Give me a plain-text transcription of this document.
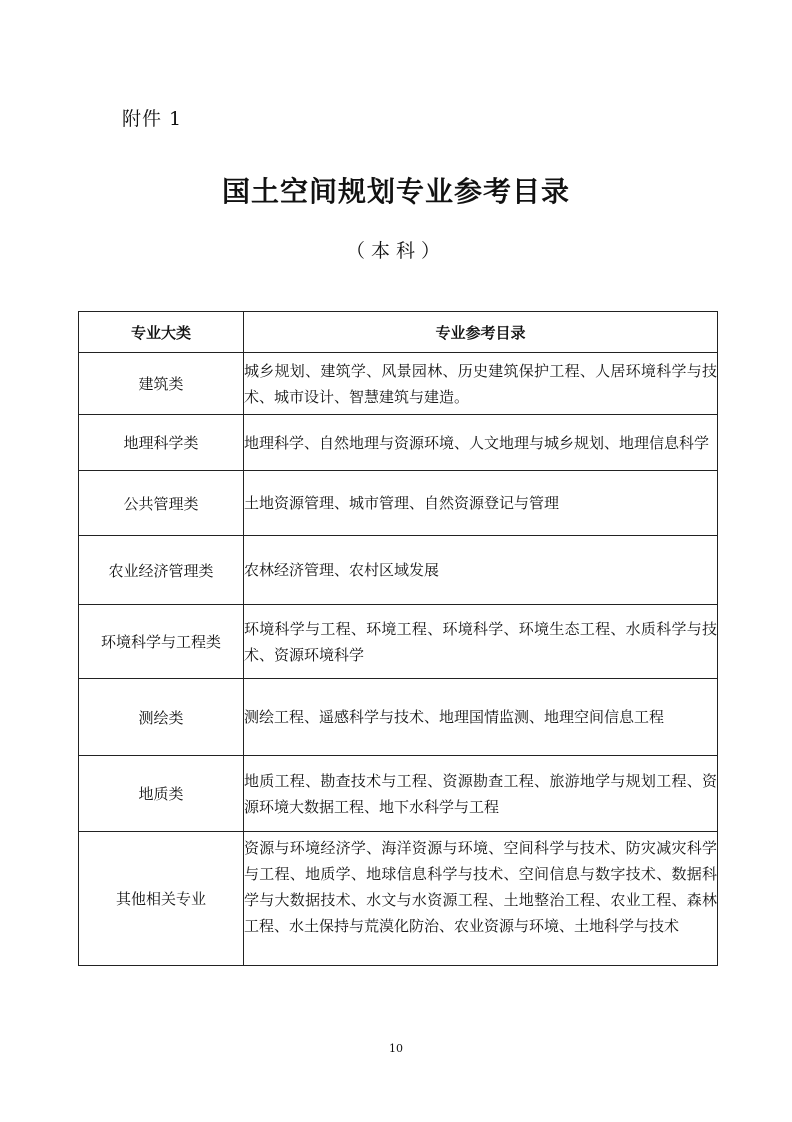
附件 1
国土空间规划专业参考目录
（本科）
专业大类	专业参考目录
建筑类	城乡规划、建筑学、风景园林、历史建筑保护工程、人居环境科学与技术、城市设计、智慧建筑与建造。
地理科学类	地理科学、自然地理与资源环境、人文地理与城乡规划、地理信息科学
公共管理类	土地资源管理、城市管理、自然资源登记与管理
农业经济管理类	农林经济管理、农村区域发展
环境科学与工程类	环境科学与工程、环境工程、环境科学、环境生态工程、水质科学与技术、资源环境科学
测绘类	测绘工程、遥感科学与技术、地理国情监测、地理空间信息工程
地质类	地质工程、勘查技术与工程、资源勘查工程、旅游地学与规划工程、资源环境大数据工程、地下水科学与工程
其他相关专业	资源与环境经济学、海洋资源与环境、空间科学与技术、防灾减灾科学与工程、地质学、地球信息科学与技术、空间信息与数字技术、数据科学与大数据技术、水文与水资源工程、土地整治工程、农业工程、森林工程、水土保持与荒漠化防治、农业资源与环境、土地科学与技术
10
